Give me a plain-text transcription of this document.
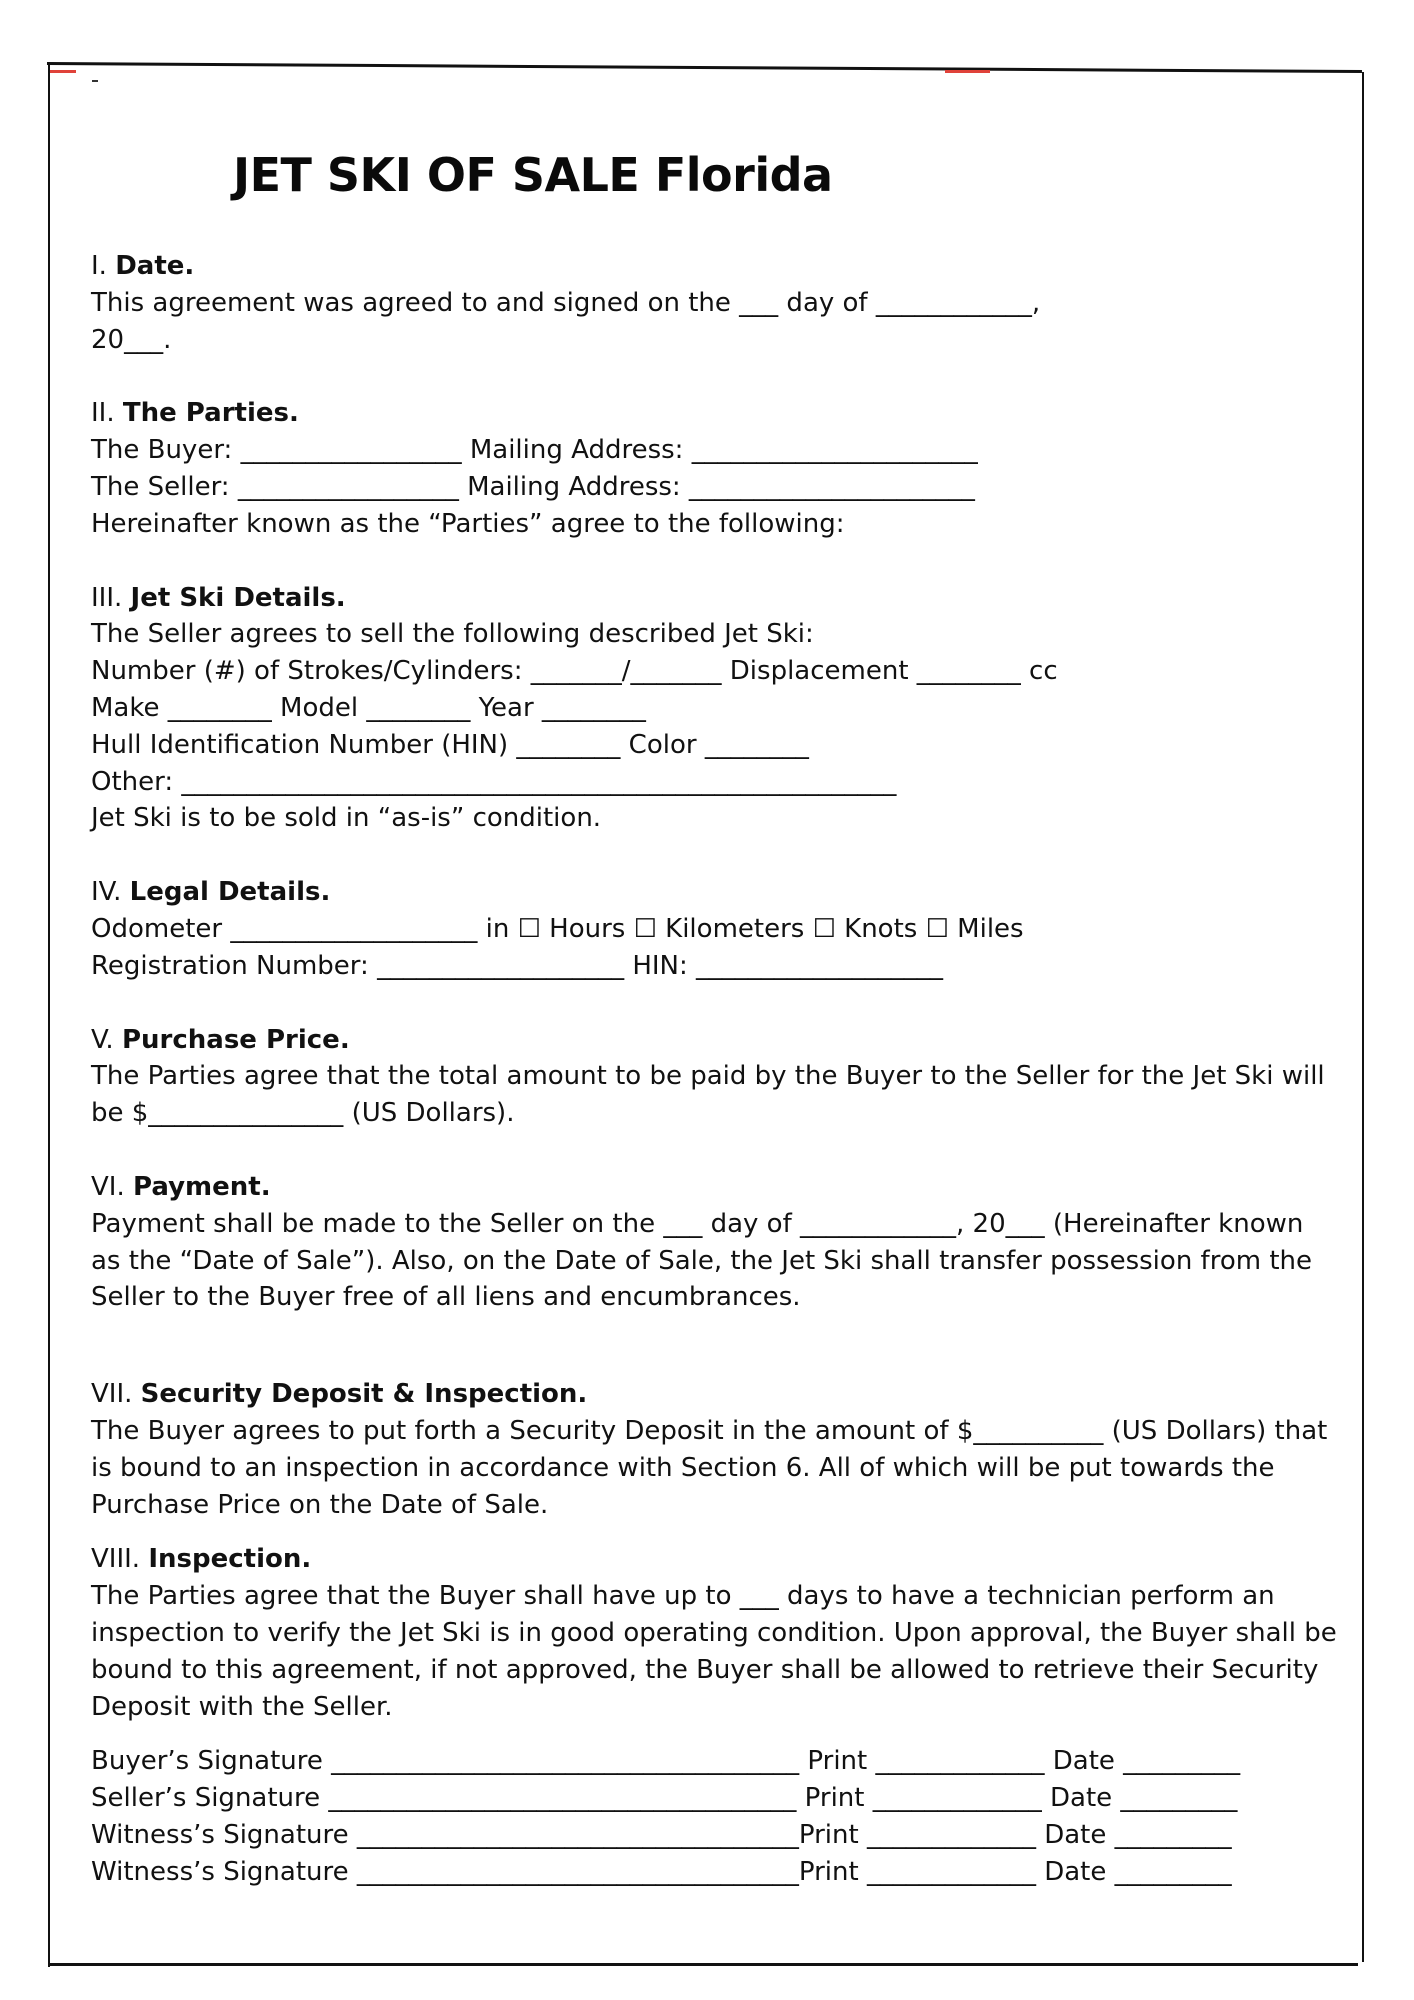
JET SKI OF SALE Florida
I. Date.
This agreement was agreed to and signed on the ___ day of ____________,
20___.
II. The Parties.
The Buyer: _________________ Mailing Address: ______________________
The Seller: _________________ Mailing Address: ______________________
Hereinafter known as the “Parties” agree to the following:
III. Jet Ski Details.
The Seller agrees to sell the following described Jet Ski:
Number (#) of Strokes/Cylinders: _______/_______ Displacement ________ cc
Make ________ Model ________ Year ________
Hull Identification Number (HIN) ________ Color ________
Other: _______________________________________________________
Jet Ski is to be sold in “as-is” condition.
IV. Legal Details.
Odometer ___________________ in ☐ Hours ☐ Kilometers ☐ Knots ☐ Miles
Registration Number: ___________________ HIN: ___________________
V. Purchase Price.
The Parties agree that the total amount to be paid by the Buyer to the Seller for the Jet Ski will be $_______________ (US Dollars).
VI. Payment.
Payment shall be made to the Seller on the ___ day of ____________, 20___ (Hereinafter known as the “Date of Sale”). Also, on the Date of Sale, the Jet Ski shall transfer possession from the Seller to the Buyer free of all liens and encumbrances.
VII. Security Deposit & Inspection.
The Buyer agrees to put forth a Security Deposit in the amount of $__________ (US Dollars) that is bound to an inspection in accordance with Section 6. All of which will be put towards the Purchase Price on the Date of Sale.
VIII. Inspection.
The Parties agree that the Buyer shall have up to ___ days to have a technician perform an inspection to verify the Jet Ski is in good operating condition. Upon approval, the Buyer shall be bound to this agreement, if not approved, the Buyer shall be allowed to retrieve their Security Deposit with the Seller.
Buyer’s Signature ____________________________________ Print _____________ Date _________
Seller’s Signature ____________________________________ Print _____________ Date _________
Witness’s Signature __________________________________Print _____________ Date _________
Witness’s Signature __________________________________Print _____________ Date _________
